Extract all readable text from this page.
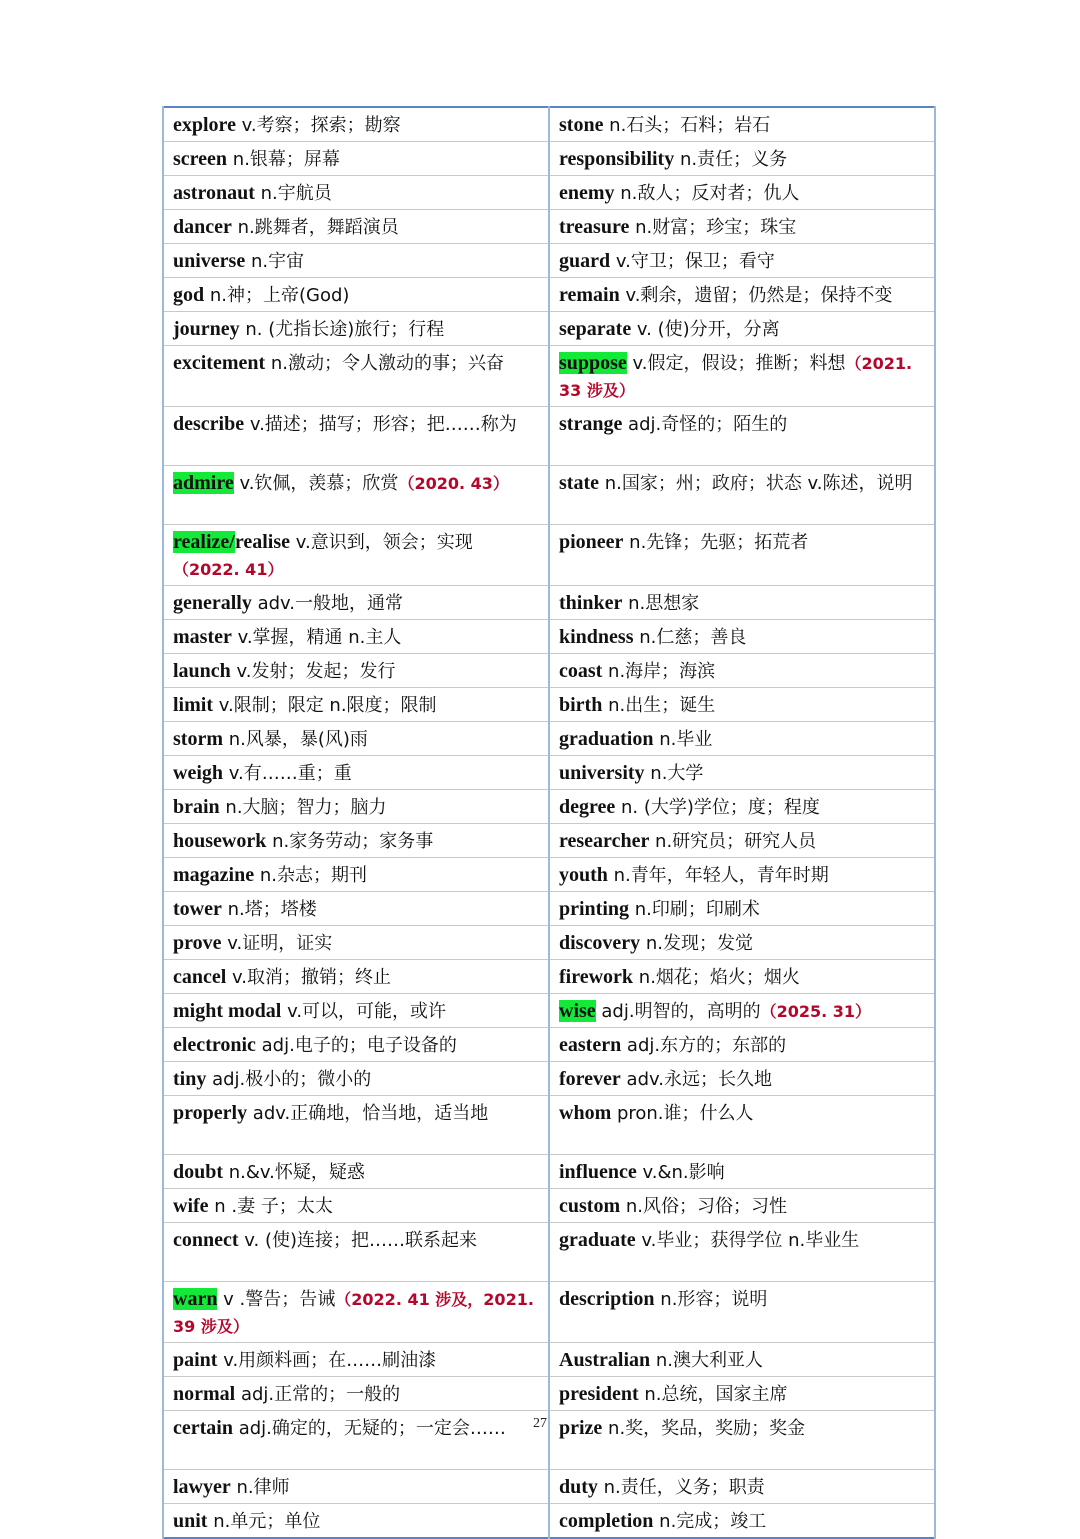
explore v.考察；探索；勘察	stone n.石头；石料；岩石
screen n.银幕；屏幕	responsibility n.责任；义务
astronaut n.宇航员	enemy n.敌人；反对者；仇人
dancer n.跳舞者，舞蹈演员	treasure n.财富；珍宝；珠宝
universe n.宇宙	guard v.守卫；保卫；看守
god n.神；上帝(God)	remain v.剩余，遗留；仍然是；保持不变
journey n. (尤指长途)旅行；行程	separate v. (使)分开，分离
excitement n.激动；令人激动的事；兴奋	suppose v.假定，假设；推断；料想（2021. 33 涉及）
describe v.描述；描写；形容；把……称为	strange adj.奇怪的；陌生的
admire v.钦佩，羡慕；欣赏（2020. 43）	state n.国家；州；政府；状态 v.陈述，说明
realize/realise v.意识到，领会；实现（2022. 41）	pioneer n.先锋；先驱；拓荒者
generally adv.一般地，通常	thinker n.思想家
master v.掌握，精通 n.主人	kindness n.仁慈；善良
launch v.发射；发起；发行	coast n.海岸；海滨
limit v.限制；限定 n.限度；限制	birth n.出生；诞生
storm n.风暴，暴(风)雨	graduation n.毕业
weigh v.有……重；重	university n.大学
brain n.大脑；智力；脑力	degree n. (大学)学位；度；程度
housework n.家务劳动；家务事	researcher n.研究员；研究人员
magazine n.杂志；期刊	youth n.青年，年轻人，青年时期
tower n.塔；塔楼	printing n.印刷；印刷术
prove v.证明，证实	discovery n.发现；发觉
cancel v.取消；撤销；终止	firework n.烟花；焰火；烟火
might modal v.可以，可能，或许	wise adj.明智的，高明的（2025. 31）
electronic adj.电子的；电子设备的	eastern adj.东方的；东部的
tiny adj.极小的；微小的	forever adv.永远；长久地
properly adv.正确地，恰当地，适当地	whom pron.谁；什么人
doubt n.&v.怀疑，疑惑	influence v.&n.影响
wife n .妻 子；太太	custom n.风俗；习俗；习性
connect v. (使)连接；把……联系起来	graduate v.毕业；获得学位 n.毕业生
warn v .警告；告诫（2022. 41 涉及，2021. 39 涉及）	description n.形容；说明
paint v.用颜料画；在……刷油漆	Australian n.澳大利亚人
normal adj.正常的；一般的	president n.总统，国家主席
certain adj.确定的，无疑的；一定会……	prize n.奖，奖品，奖励；奖金
lawyer n.律师	duty n.责任，义务；职责
unit n.单元；单位	completion n.完成；竣工
27
